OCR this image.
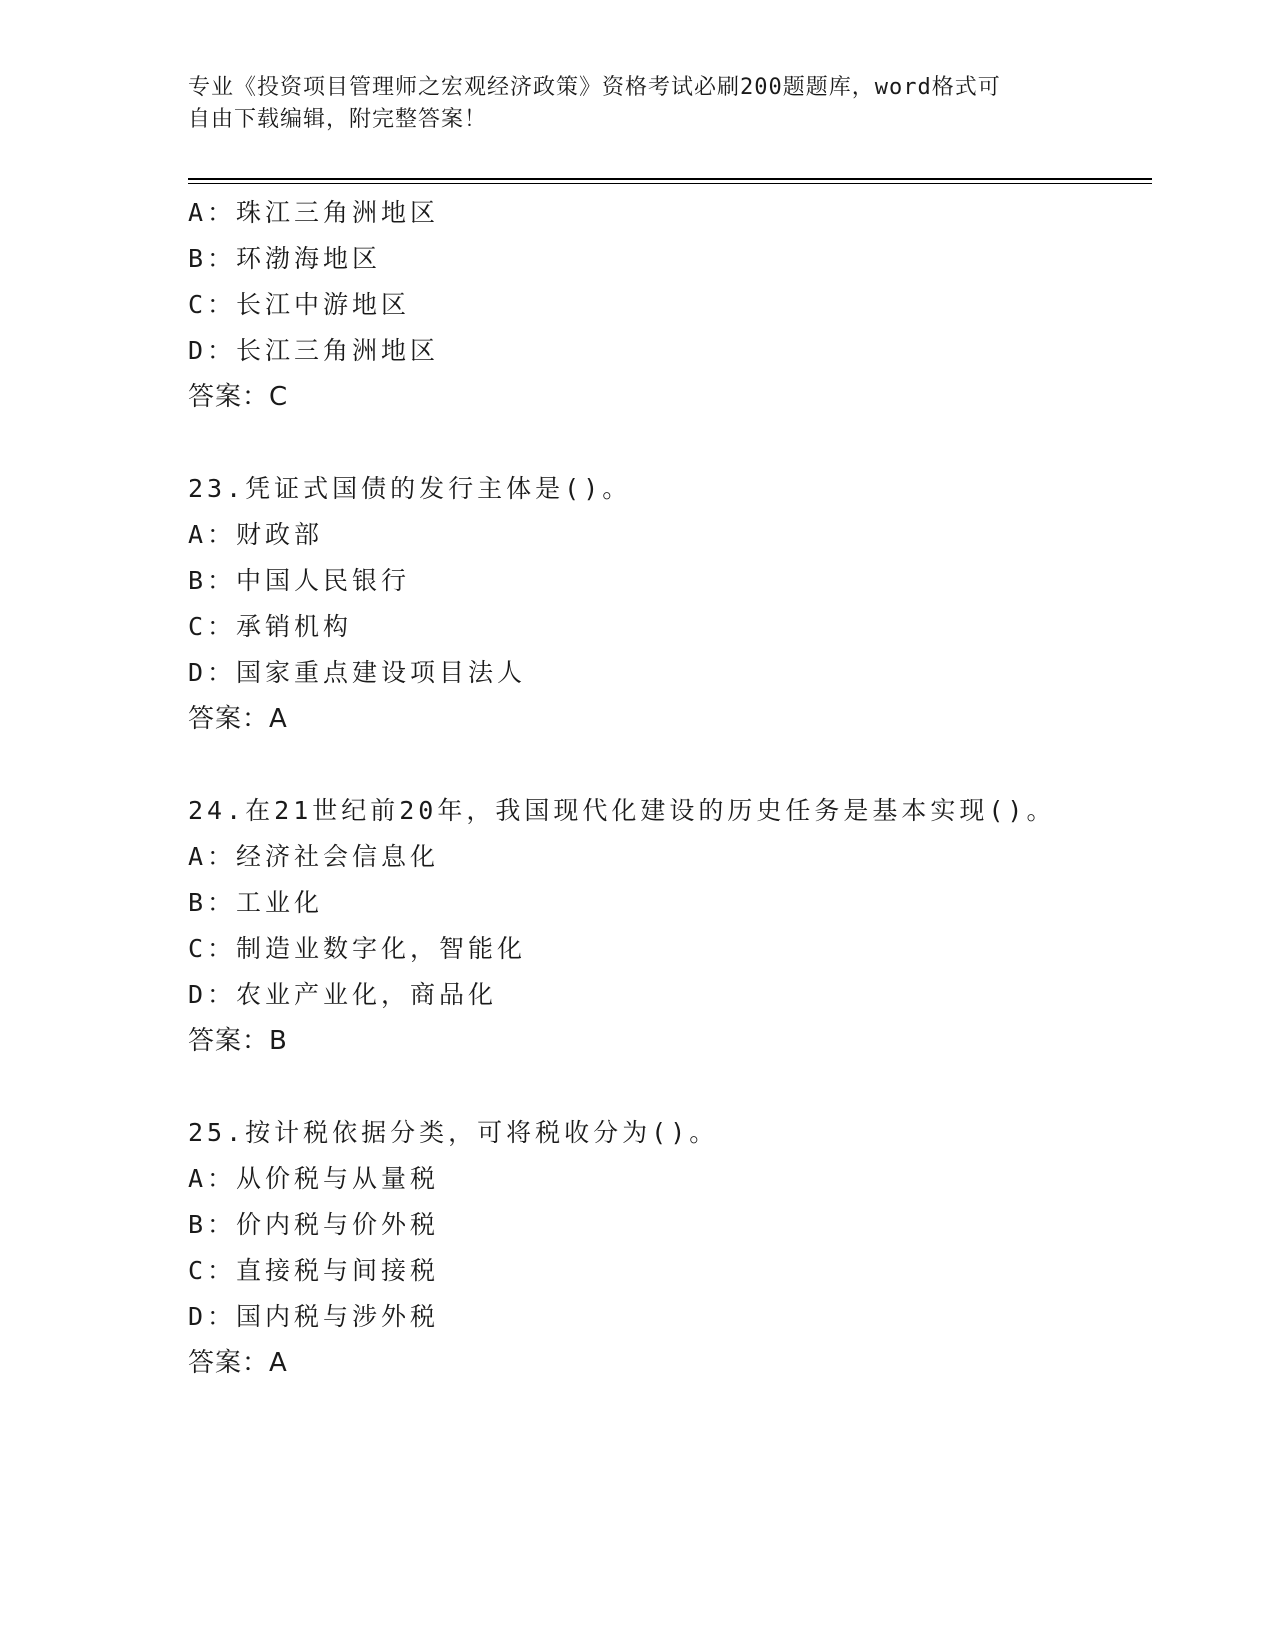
专业《投资项目管理师之宏观经济政策》资格考试必刷200题题库，word格式可
自由下载编辑，附完整答案！
A：珠江三角洲地区
B：环渤海地区
C：长江中游地区
D：长江三角洲地区
答案：C
23.凭证式国债的发行主体是()。
A：财政部
B：中国人民银行
C：承销机构
D：国家重点建设项目法人
答案：A
24.在21世纪前20年，我国现代化建设的历史任务是基本实现()。
A：经济社会信息化
B：工业化
C：制造业数字化，智能化
D：农业产业化，商品化
答案：B
25.按计税依据分类，可将税收分为()。
A：从价税与从量税
B：价内税与价外税
C：直接税与间接税
D：国内税与涉外税
答案：A
